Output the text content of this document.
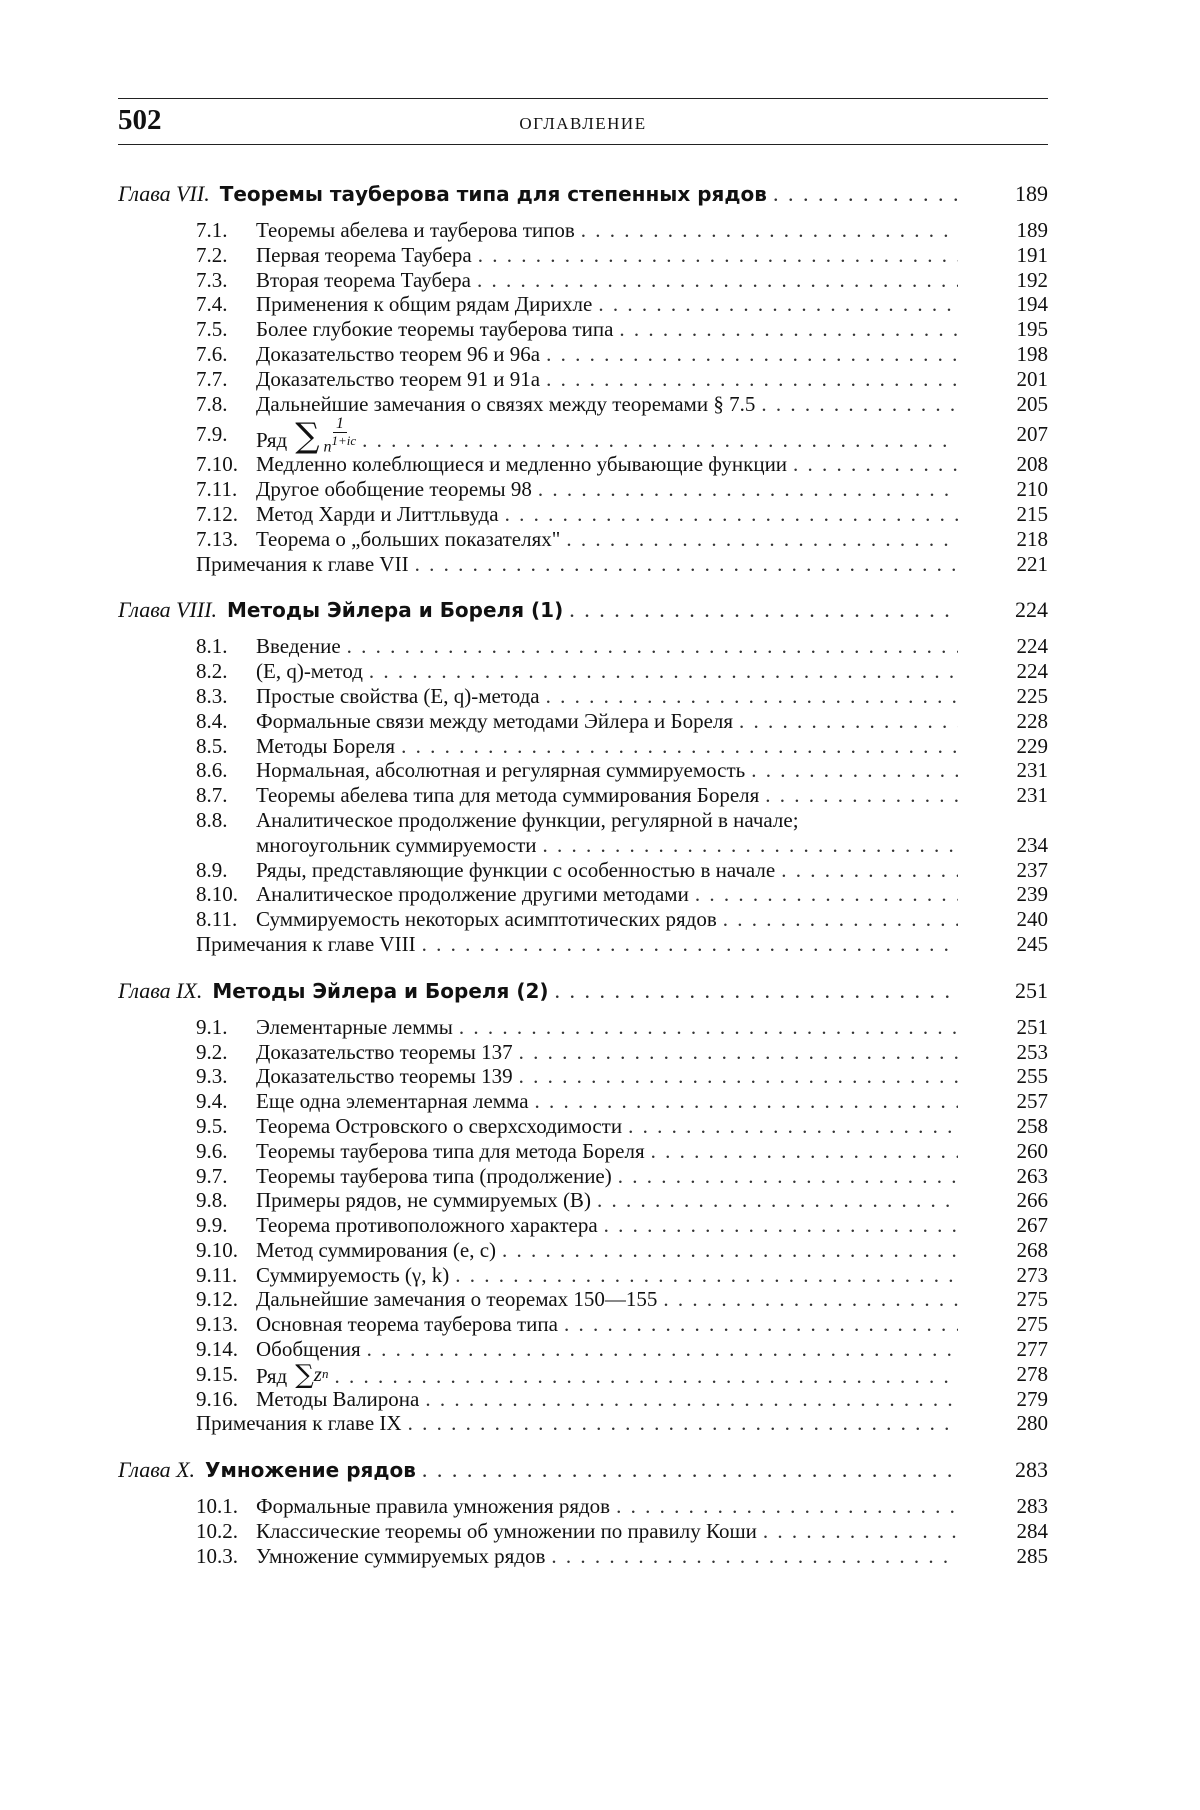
502	ОГЛАВЛЕНИЕ
Глава VII. Теоремы тауберова типа для степенных рядов . . .	189
7.1.	Теоремы абелева и тауберова типов . . .	189
7.2.	Первая теорема Таубера . . .	191
7.3.	Вторая теорема Таубера . . .	192
7.4.	Применения к общим рядам Дирихле . . .	194
7.5.	Более глубокие теоремы тауберова типа . . .	195
7.6.	Доказательство теорем 96 и 96а . . .	198
7.7.	Доказательство теорем 91 и 91а . . .	201
7.8.	Дальнейшие замечания о связях между теоремами § 7.5 . . .	205
7.9.	Ряд ∑ $\frac{1}{n^{1+ic}}$ . . .	207
7.10. Медленно колеблющиеся и медленно убывающие функции . . .	208
7.11. Другое обобщение теоремы 98 . . .	210
7.12. Метод Харди и Литтльвуда . . .	215
7.13. Теорема о „больших показателях" . . .	218
Примечания к главе VII . . .	221
Глава VIII. Методы Эйлера и Бореля (1) . . .	224
8.1.	Введение . . .	224
8.2.	(E, q)-метод . . .	224
8.3.	Простые свойства (E, q)-метода . . .	225
8.4.	Формальные связи между методами Эйлера и Бореля . . .	228
8.5.	Методы Бореля . . .	229
8.6.	Нормальная, абсолютная и регулярная суммируемость . . .	231
8.7.	Теоремы абелева типа для метода суммирования Бореля . . .	231
8.8.	Аналитическое продолжение функции, регулярной в начале;
многоугольник суммируемости . . .	234
8.9.	Ряды, представляющие функции с особенностью в начале . . .	237
8.10. Аналитическое продолжение другими методами . . .	239
8.11. Суммируемость некоторых асимптотических рядов . . .	240
Примечания к главе VIII . . .	245
Глава IX. Методы Эйлера и Бореля (2) . . .	251
9.1.	Элементарные леммы . . .	251
9.2.	Доказательство теоремы 137 . . .	253
9.3.	Доказательство теоремы 139 . . .	255
9.4.	Еще одна элементарная лемма . . .	257
9.5.	Теорема Островского о сверхсходимости . . .	258
9.6.	Теоремы тауберова типа для метода Бореля . . .	260
9.7.	Теоремы тауберова типа (продолжение) . . .	263
9.8.	Примеры рядов, не суммируемых (B) . . .	266
9.9.	Теорема противоположного характера . . .	267
9.10. Метод суммирования (e, c) . . .	268
9.11. Суммируемость (γ, k) . . .	273
9.12. Дальнейшие замечания о теоремах 150—155 . . .	275
9.13. Основная теорема тауберова типа . . .	275
9.14. Обобщения . . .	277
9.15. Ряд ∑ z n . . .	278
9.16. Методы Валирона . . .	279
Примечания к главе IX . . .	280
Глава X. Умножение рядов . . .	283
10.1. Формальные правила умножения рядов . . .	283
10.2. Классические теоремы об умножении по правилу Коши . . .	284
10.3. Умножение суммируемых рядов . . .	285
